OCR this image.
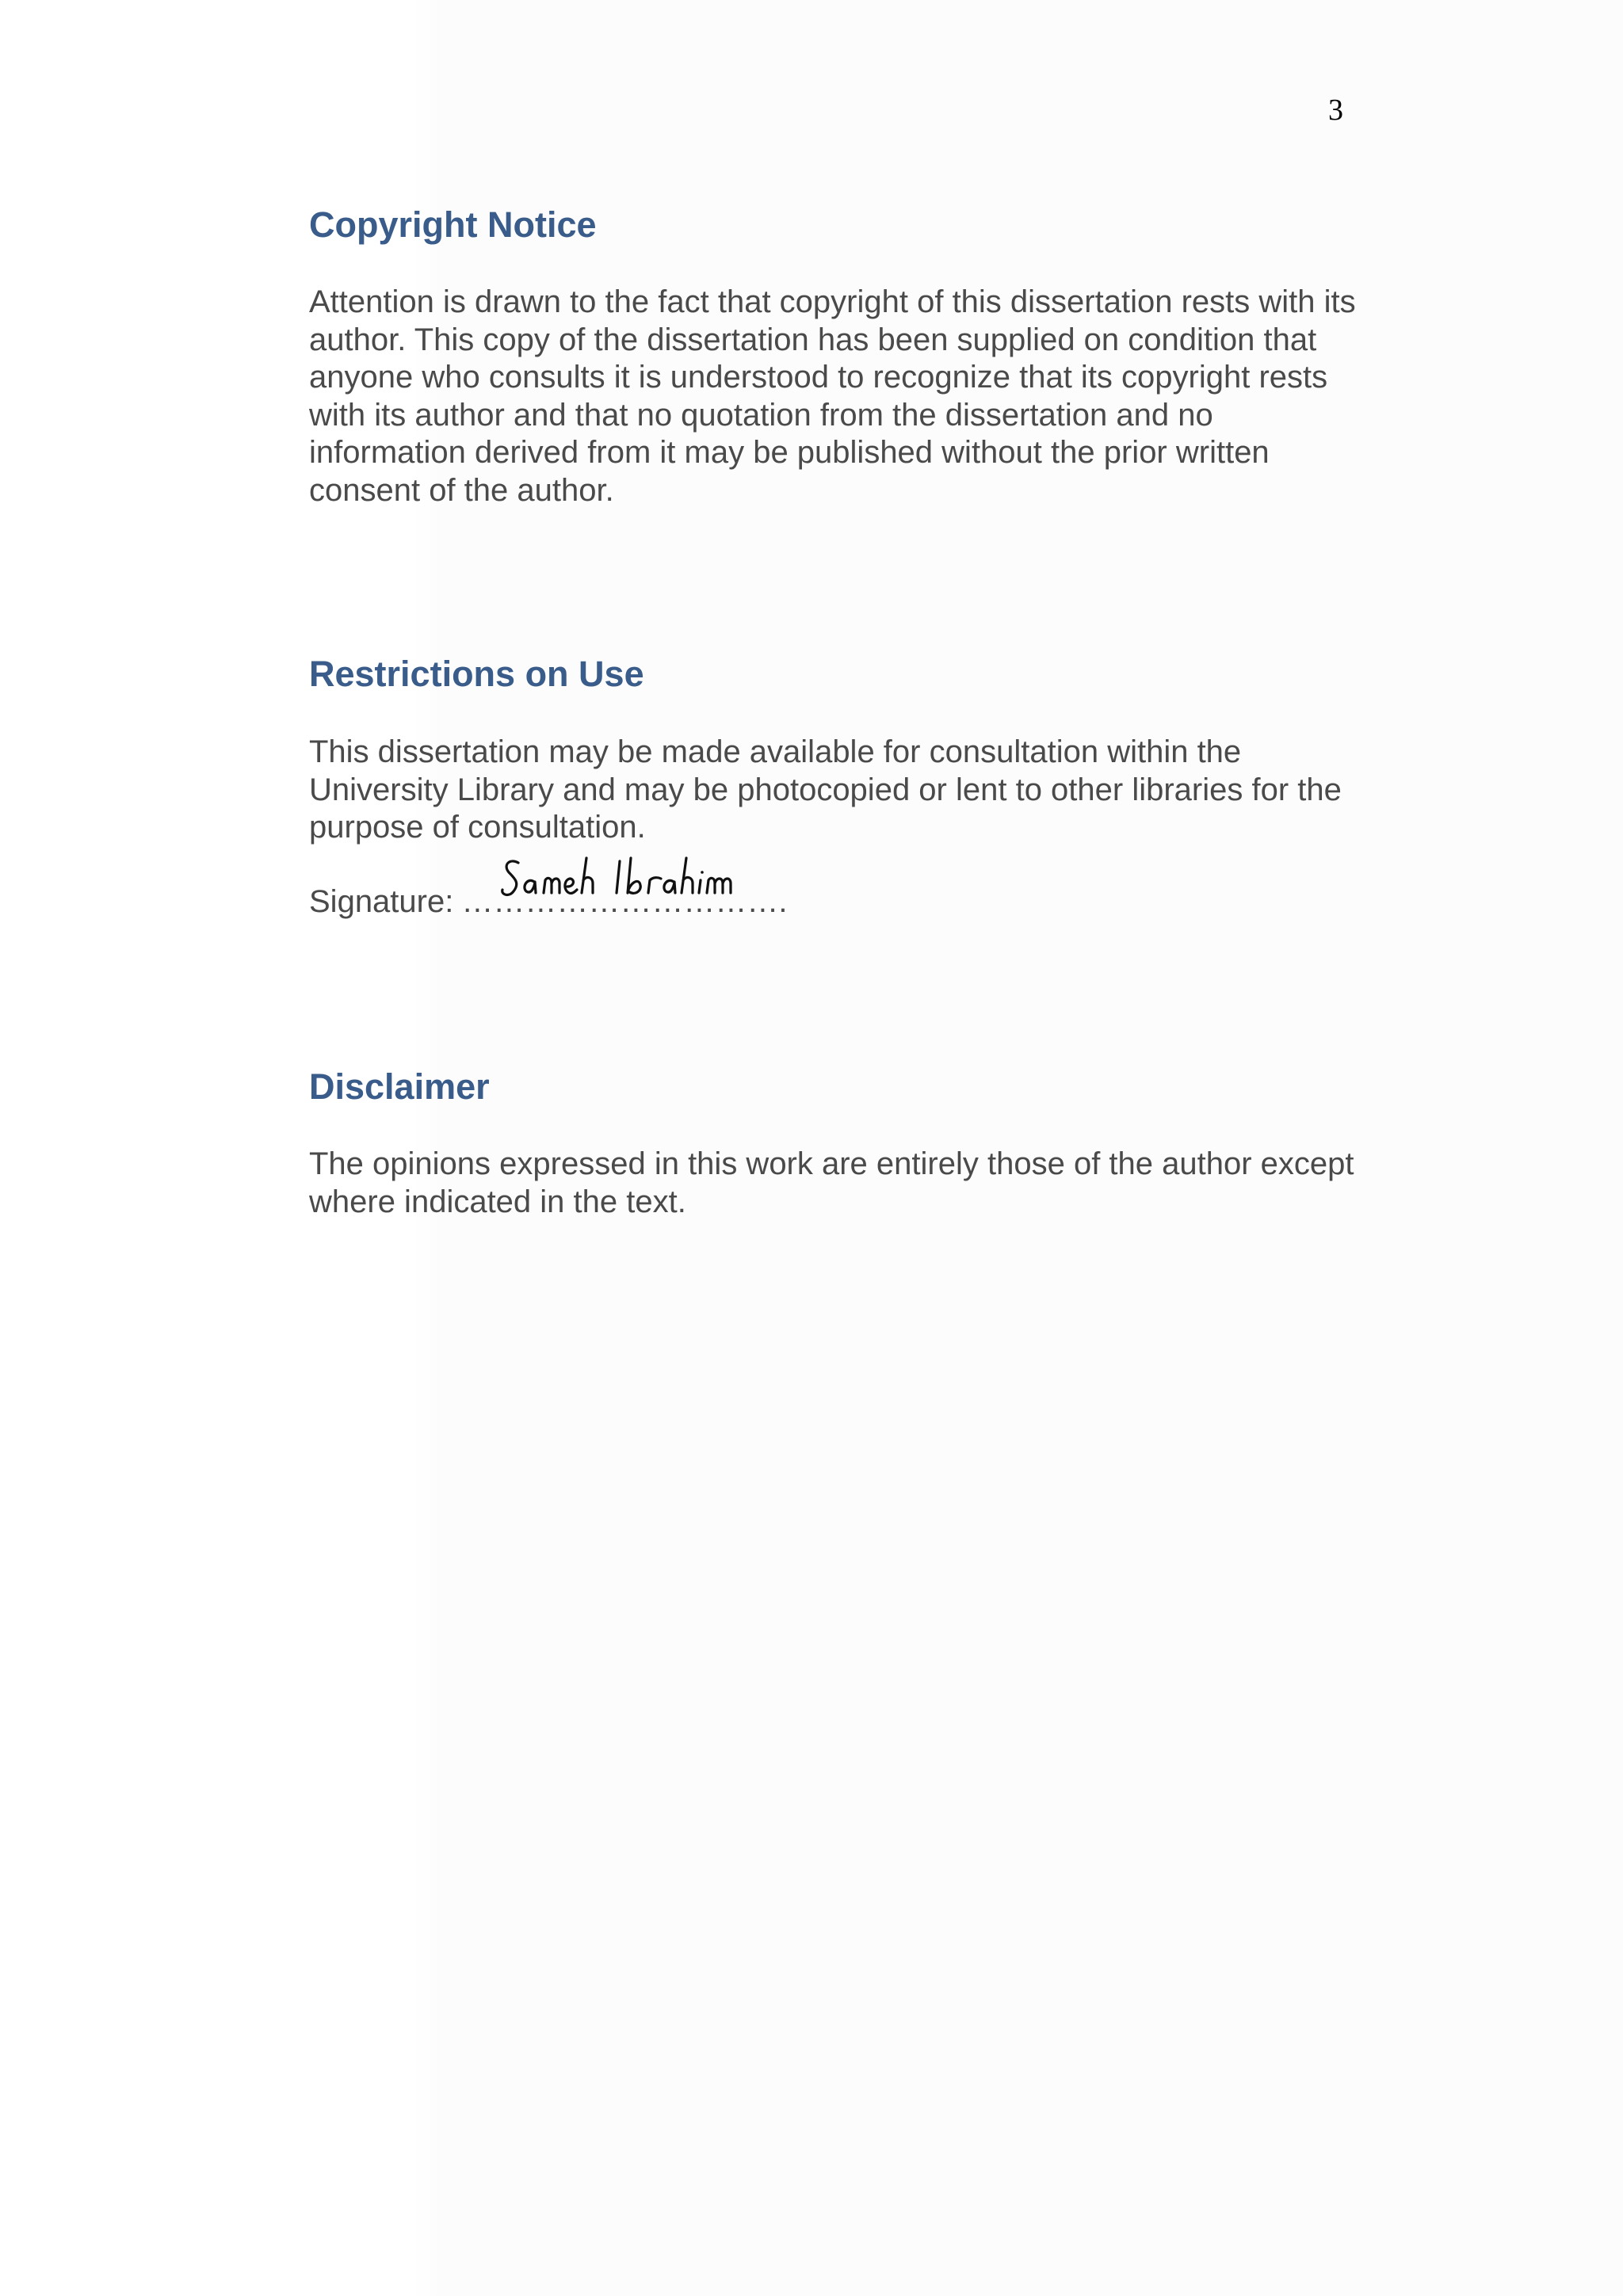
3
Copyright Notice

Attention is drawn to the fact that copyright of this dissertation rests with its
author. This copy of the dissertation has been supplied on condition that
anyone who consults it is understood to recognize that its copyright rests
with its author and that no quotation from the dissertation and no
information derived from it may be published without the prior written
consent of the author.

Restrictions on Use

This dissertation may be made available for consultation within the
University Library and may be photocopied or lent to other libraries for the
purpose of consultation.

Signature: ………………………….
Disclaimer

The opinions expressed in this work are entirely those of the author except
where indicated in the text.
